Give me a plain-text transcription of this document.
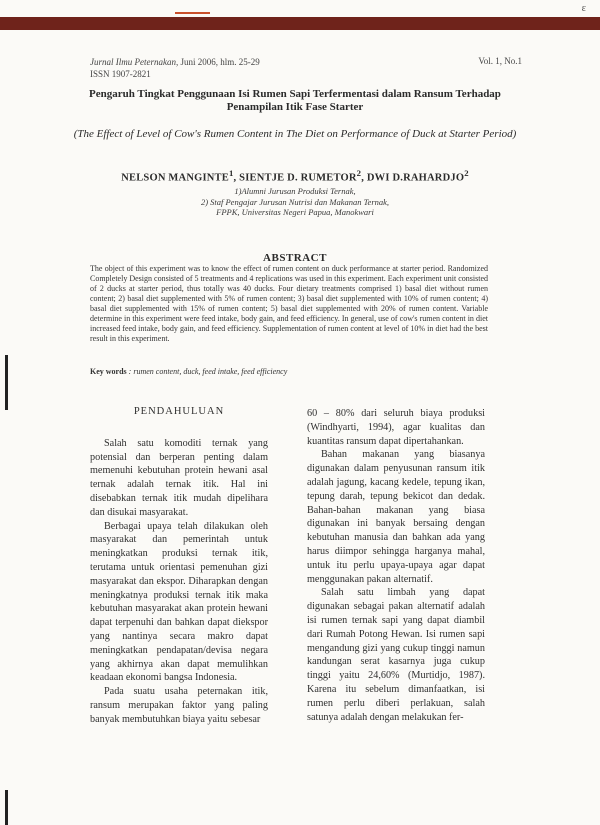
ε
Jurnal Ilmu Peternakan, Juni 2006, hlm. 25-29
ISSN 1907-2821
Vol. 1, No.1
Pengaruh Tingkat Penggunaan Isi Rumen Sapi Terfermentasi dalam Ransum Terhadap Penampilan Itik Fase Starter
(The Effect of Level of Cow's Rumen Content in The Diet on Performance of Duck at Starter Period)
NELSON MANGINTE$^1$, SIENTJE D. RUMETOR$^2$, DWI D.RAHARDJO$^2$
1)Alumni Jurusan Produksi Ternak,
2) Staf Pengajar Jurusan Nutrisi dan Makanan Ternak,
FPPK, Universitas Negeri Papua, Manokwari
ABSTRACT
The object of this experiment was to know the effect of rumen content on duck performance at starter period. Randomized Completely Design consisted of 5 treatments and 4 replications was used in this experiment. Each experiment unit consisted of 2 ducks at starter period, thus totally was 40 ducks. Four dietary treatments comprised 1) basal diet without rumen content; 2) basal diet supplemented with 5% of rumen content; 3) basal diet supplemented with 10% of rumen content; 4) basal diet supplemented with 15% of rumen content; 5) basal diet supplemented with 20% of rumen content. Variable determine in this experiment were feed intake, body gain, and feed efficiency. In general, use of cow's rumen content in diet increased feed intake, body gain, and feed efficiency. Supplementation of rumen content at level of 10% in diet had the best result in this experiment.
Key words : rumen content, duck, feed intake, feed efficiency
PENDAHULUAN

Salah satu komoditi ternak yang potensial dan berperan penting dalam memenuhi kebutuhan protein hewani asal ternak adalah ternak itik. Hal ini disebabkan ternak itik mudah dipelihara dan disukai masyarakat.

Berbagai upaya telah dilakukan oleh masyarakat dan pemerintah untuk meningkatkan produksi ternak itik, terutama untuk orientasi pemenuhan gizi masyarakat dan ekspor. Diharapkan dengan meningkatnya produksi ternak itik maka kebutuhan masyarakat akan protein hewani dapat terpenuhi dan bahkan dapat diekspor yang nantinya secara makro dapat meningkatkan pendapatan/devisa negara yang akhirnya akan dapat memulihkan keadaan ekonomi bangsa Indonesia.

Pada suatu usaha peternakan itik, ransum merupakan faktor yang paling banyak membutuhkan biaya yaitu sebesar

60 – 80% dari seluruh biaya produksi (Windhyarti, 1994), agar kualitas dan kuantitas ransum dapat dipertahankan.

Bahan makanan yang biasanya digunakan dalam penyusunan ransum itik adalah jagung, kacang kedele, tepung ikan, tepung darah, tepung bekicot dan dedak. Bahan-bahan makanan yang biasa digunakan ini banyak bersaing dengan kebutuhan manusia dan bahkan ada yang harus diimpor sehingga harganya mahal, untuk itu perlu upaya-upaya agar dapat menggunakan pakan alternatif.

Salah satu limbah yang dapat digunakan sebagai pakan alternatif adalah isi rumen ternak sapi yang dapat diambil dari Rumah Potong Hewan. Isi rumen sapi mengandung gizi yang cukup tinggi namun kandungan serat kasarnya juga cukup tinggi yaitu 24,60% (Murtidjo, 1987). Karena itu sebelum dimanfaatkan, isi rumen perlu diberi perlakuan, salah satunya adalah dengan melakukan fer-
